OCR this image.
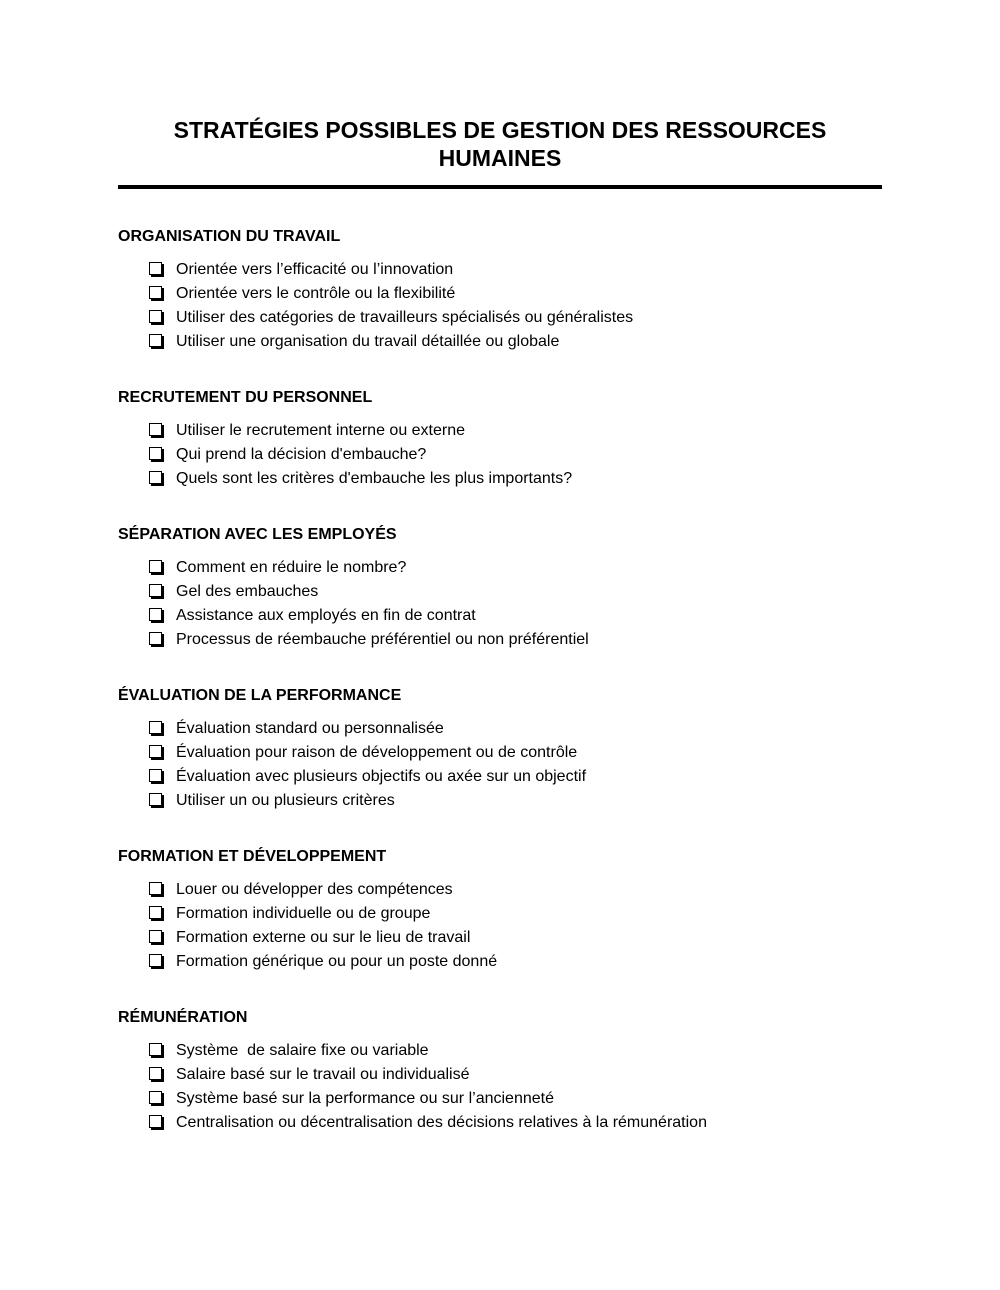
STRATÉGIES POSSIBLES DE GESTION DES RESSOURCES HUMAINES
ORGANISATION DU TRAVAIL
Orientée vers l’efficacité ou l’innovation
Orientée vers le contrôle ou la flexibilité
Utiliser des catégories de travailleurs spécialisés ou généralistes
Utiliser une organisation du travail détaillée ou globale
RECRUTEMENT DU PERSONNEL
Utiliser le recrutement interne ou externe
Qui prend la décision d'embauche?
Quels sont les critères d'embauche les plus importants?
SÉPARATION AVEC LES EMPLOYÉS
Comment en réduire le nombre?
Gel des embauches
Assistance aux employés en fin de contrat
Processus de réembauche préférentiel ou non préférentiel
ÉVALUATION DE LA PERFORMANCE
Évaluation standard ou personnalisée
Évaluation pour raison de développement ou de contrôle
Évaluation avec plusieurs objectifs ou axée sur un objectif
Utiliser un ou plusieurs critères
FORMATION ET DÉVELOPPEMENT
Louer ou développer des compétences
Formation individuelle ou de groupe
Formation externe ou sur le lieu de travail
Formation générique ou pour un poste donné
RÉMUNÉRATION
Système  de salaire fixe ou variable
Salaire basé sur le travail ou individualisé
Système basé sur la performance ou sur l’ancienneté
Centralisation ou décentralisation des décisions relatives à la rémunération
